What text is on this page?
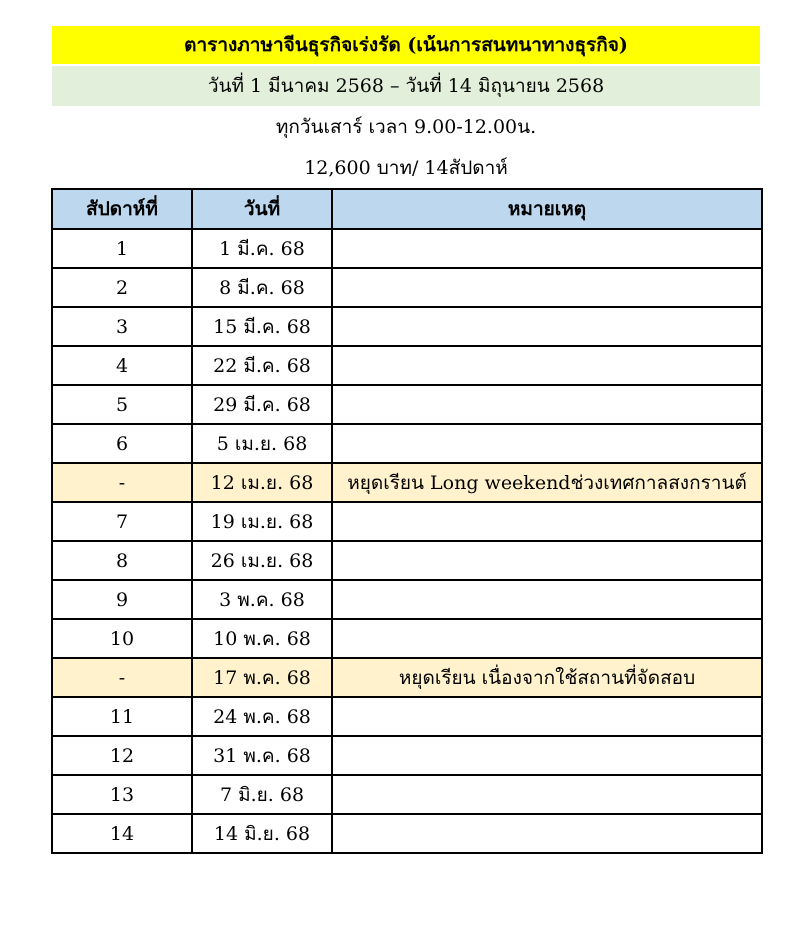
ตารางภาษาจีนธุรกิจเร่งรัด (เน้นการสนทนาทางธุรกิจ)
วันที่ 1 มีนาคม 2568 – วันที่ 14 มิถุนายน 2568
ทุกวันเสาร์ เวลา 9.00-12.00น.
12,600 บาท/ 14สัปดาห์
สัปดาห์ที่	วันที่	หมายเหตุ
1	1 มี.ค. 68	
2	8 มี.ค. 68	
3	15 มี.ค. 68	
4	22 มี.ค. 68	
5	29 มี.ค. 68	
6	5 เม.ย. 68	
-	12 เม.ย. 68	หยุดเรียน Long weekendช่วงเทศกาลสงกรานต์
7	19 เม.ย. 68	
8	26 เม.ย. 68	
9	3 พ.ค. 68	
10	10 พ.ค. 68	
-	17 พ.ค. 68	หยุดเรียน เนื่องจากใช้สถานที่จัดสอบ
11	24 พ.ค. 68	
12	31 พ.ค. 68	
13	7 มิ.ย. 68	
14	14 มิ.ย. 68	
